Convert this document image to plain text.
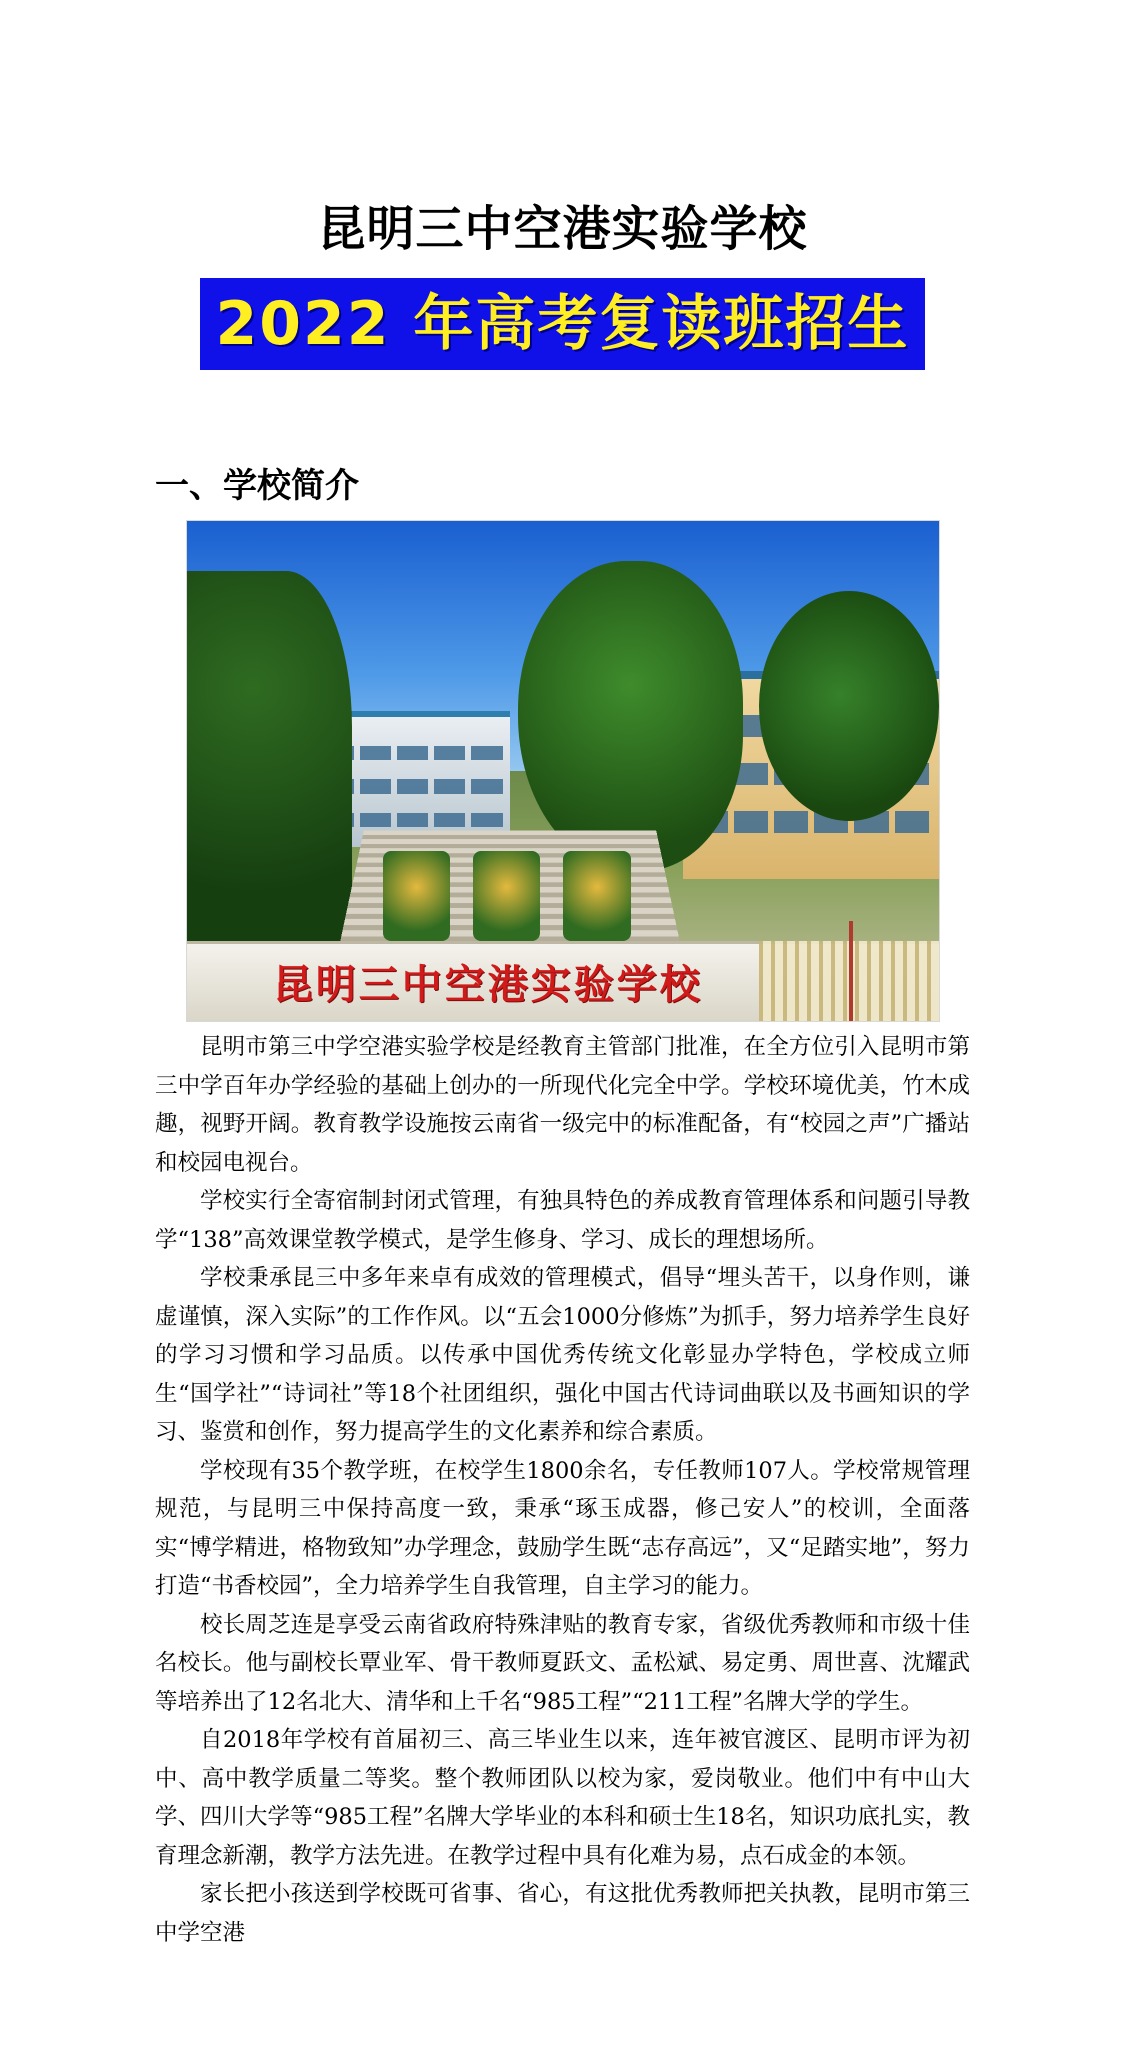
昆明三中空港实验学校
2022 年高考复读班招生
一、学校简介
昆明三中空港实验学校

昆明市第三中学空港实验学校是经教育主管部门批准，在全方位引入昆明市第三中学百年办学经验的基础上创办的一所现代化完全中学。学校环境优美，竹木成趣，视野开阔。教育教学设施按云南省一级完中的标准配备，有“校园之声”广播站和校园电视台。

学校实行全寄宿制封闭式管理，有独具特色的养成教育管理体系和问题引导教学“138”高效课堂教学模式，是学生修身、学习、成长的理想场所。

学校秉承昆三中多年来卓有成效的管理模式，倡导“埋头苦干，以身作则，谦虚谨慎，深入实际”的工作作风。以“五会1000分修炼”为抓手，努力培养学生良好的学习习惯和学习品质。以传承中国优秀传统文化彰显办学特色，学校成立师生“国学社”“诗词社”等18个社团组织，强化中国古代诗词曲联以及书画知识的学习、鉴赏和创作，努力提高学生的文化素养和综合素质。

学校现有35个教学班，在校学生1800余名，专任教师107人。学校常规管理规范，与昆明三中保持高度一致，秉承“琢玉成器，修己安人”的校训，全面落实“博学精进，格物致知”办学理念，鼓励学生既“志存高远”，又“足踏实地”，努力打造“书香校园”，全力培养学生自我管理，自主学习的能力。

校长周芝连是享受云南省政府特殊津贴的教育专家，省级优秀教师和市级十佳名校长。他与副校长覃业军、骨干教师夏跃文、孟松斌、易定勇、周世喜、沈耀武等培养出了12名北大、清华和上千名“985工程”“211工程”名牌大学的学生。

自2018年学校有首届初三、高三毕业生以来，连年被官渡区、昆明市评为初中、高中教学质量二等奖。整个教师团队以校为家，爱岗敬业。他们中有中山大学、四川大学等“985工程”名牌大学毕业的本科和硕士生18名，知识功底扎实，教育理念新潮，教学方法先进。在教学过程中具有化难为易，点石成金的本领。

家长把小孩送到学校既可省事、省心，有这批优秀教师把关执教，昆明市第三中学空港
